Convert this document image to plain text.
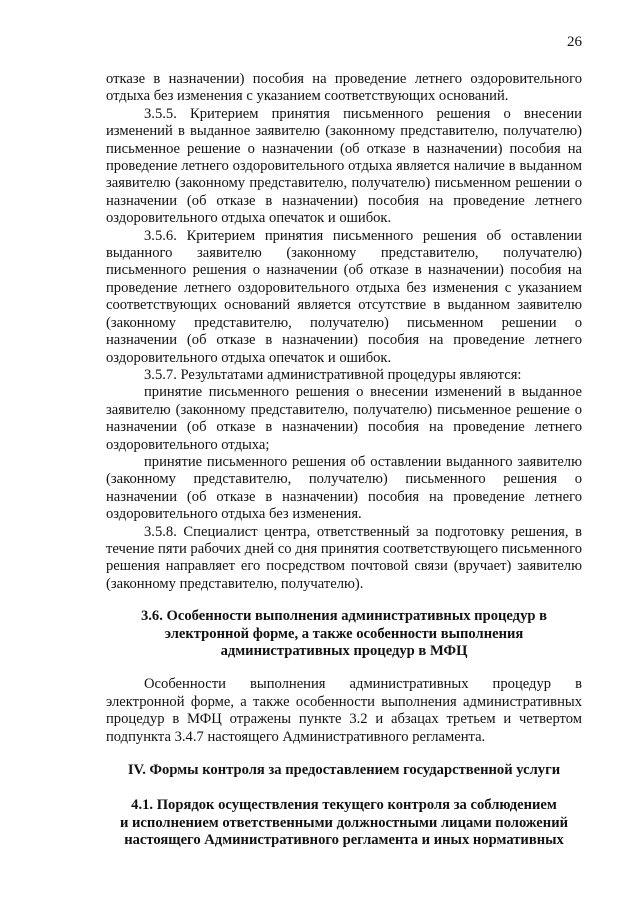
26

отказе в назначении) пособия на проведение летнего оздоровительного отдыха без изменения с указанием соответствующих оснований.

3.5.5. Критерием принятия письменного решения о внесении изменений в выданное заявителю (законному представителю, получателю) письменное решение о назначении (об отказе в назначении) пособия на проведение летнего оздоровительного отдыха является наличие в выданном заявителю (законному представителю, получателю) письменном решении о назначении (об отказе в назначении) пособия на проведение летнего оздоровительного отдыха опечаток и ошибок.

3.5.6. Критерием принятия письменного решения об оставлении выданного заявителю (законному представителю, получателю) письменного решения о назначении (об отказе в назначении) пособия на проведение летнего оздоровительного отдыха без изменения с указанием соответствующих оснований является отсутствие в выданном заявителю (законному представителю, получателю) письменном решении о назначении (об отказе в назначении) пособия на проведение летнего оздоровительного отдыха опечаток и ошибок.

3.5.7. Результатами административной процедуры являются:

принятие письменного решения о внесении изменений в выданное заявителю (законному представителю, получателю) письменное решение о назначении (об отказе в назначении) пособия на проведение летнего оздоровительного отдыха;

принятие письменного решения об оставлении выданного заявителю (законному представителю, получателю) письменного решения о назначении (об отказе в назначении) пособия на проведение летнего оздоровительного отдыха без изменения.

3.5.8. Специалист центра, ответственный за подготовку решения, в течение пяти рабочих дней со дня принятия соответствующего письменного решения направляет его посредством почтовой связи (вручает) заявителю (законному представителю, получателю).

3.6. Особенности выполнения административных процедур в
электронной форме, а также особенности выполнения
административных процедур в МФЦ

Особенности выполнения административных процедур в электронной форме, а также особенности выполнения административных процедур в МФЦ отражены пункте 3.2 и абзацах третьем и четвертом подпункта 3.4.7 настоящего Административного регламента.

IV. Формы контроля за предоставлением государственной услуги
4.1. Порядок осуществления текущего контроля за соблюдением
и исполнением ответственными должностными лицами положений
настоящего Административного регламента и иных нормативных
